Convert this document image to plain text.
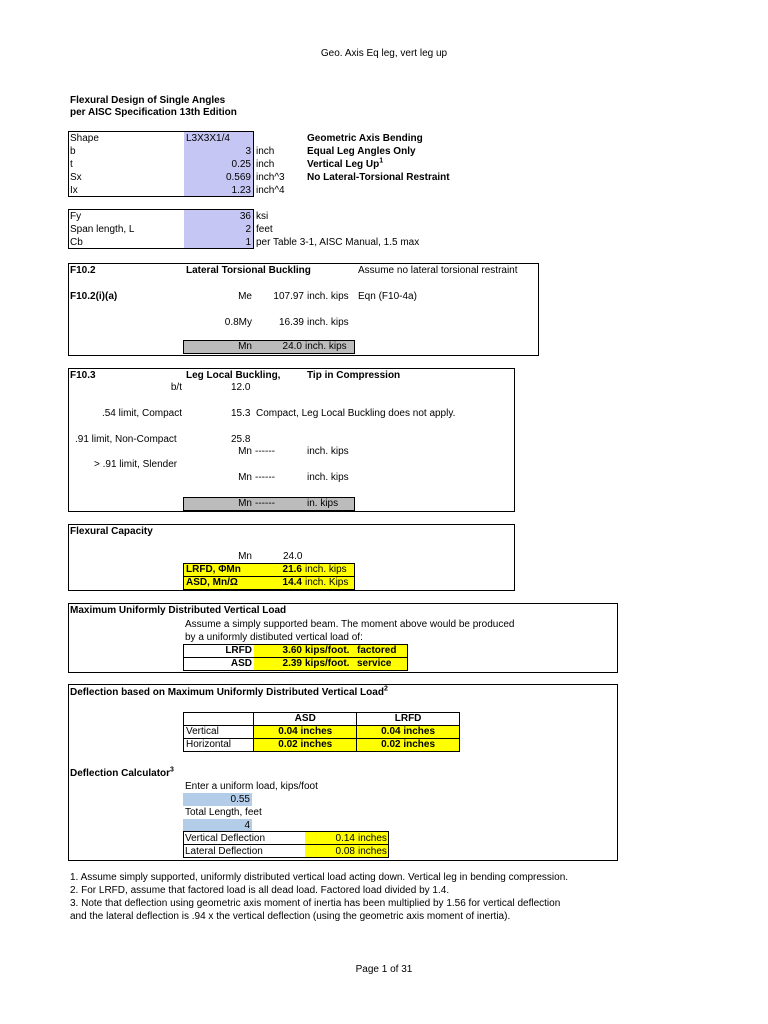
Geo. Axis Eq leg, vert leg up
Flexural Design of Single Angles
per AISC Specification 13th Edition
Shape	L3X3X1/4
b	3 inch
t	0.25 inch
Sx	0.569 inch^3
Ix	1.23 inch^4
Geometric Axis Bending
Equal Leg Angles Only
Vertical Leg Up$^1$
No Lateral-Torsional Restraint
Fy	36 ksi
Span length, L	2 feet
Cb	1 per Table 3-1, AISC Manual, 1.5 max
F10.2	Lateral Torsional Buckling	Assume no lateral torsional restraint
F10.2(i)(a)	Me	107.97 inch. kips Eqn (F10-4a)
0.8My	16.39 inch. kips
Mn	24.0 inch. kips
F10.3	Leg Local Buckling,	Tip in Compression
b/t	12.0
.54 limit, Compact	15.3 Compact, Leg Local Buckling does not apply.
.91 limit, Non-Compact	25.8
Mn ------	inch. kips
> .91 limit, Slender
Mn ------	inch. kips
Mn ------	in. kips
Flexural Capacity
Mn	24.0
LRFD, ΦMn	21.6 inch. kips
ASD, Mn/Ω	14.4 inch. Kips
Maximum Uniformly Distributed Vertical Load
Assume a simply supported beam. The moment above would be produced
by a uniformly distibuted vertical load of:
LRFD	3.60 kips/foot. factored
ASD	2.39 kips/foot. service
Deflection based on Maximum Uniformly Distributed Vertical Load$^2$
	ASD	LRFD
Vertical	0.04 inches	0.04 inches
Horizontal	0.02 inches	0.02 inches
Deflection Calculator$^3$
Enter a uniform load, kips/foot
0.55
Total Length, feet
4
Vertical Deflection	0.14 inches
Lateral Deflection	0.08 inches
1. Assume simply supported, uniformly distributed vertical load acting down. Vertical leg in bending compression.
2. For LRFD, assume that factored load is all dead load. Factored load divided by 1.4.
3. Note that deflection using geometric axis moment of inertia has been multiplied by 1.56 for vertical deflection
and the lateral deflection is .94 x the vertical deflection (using the geometric axis moment of inertia).
Page 1 of 31
